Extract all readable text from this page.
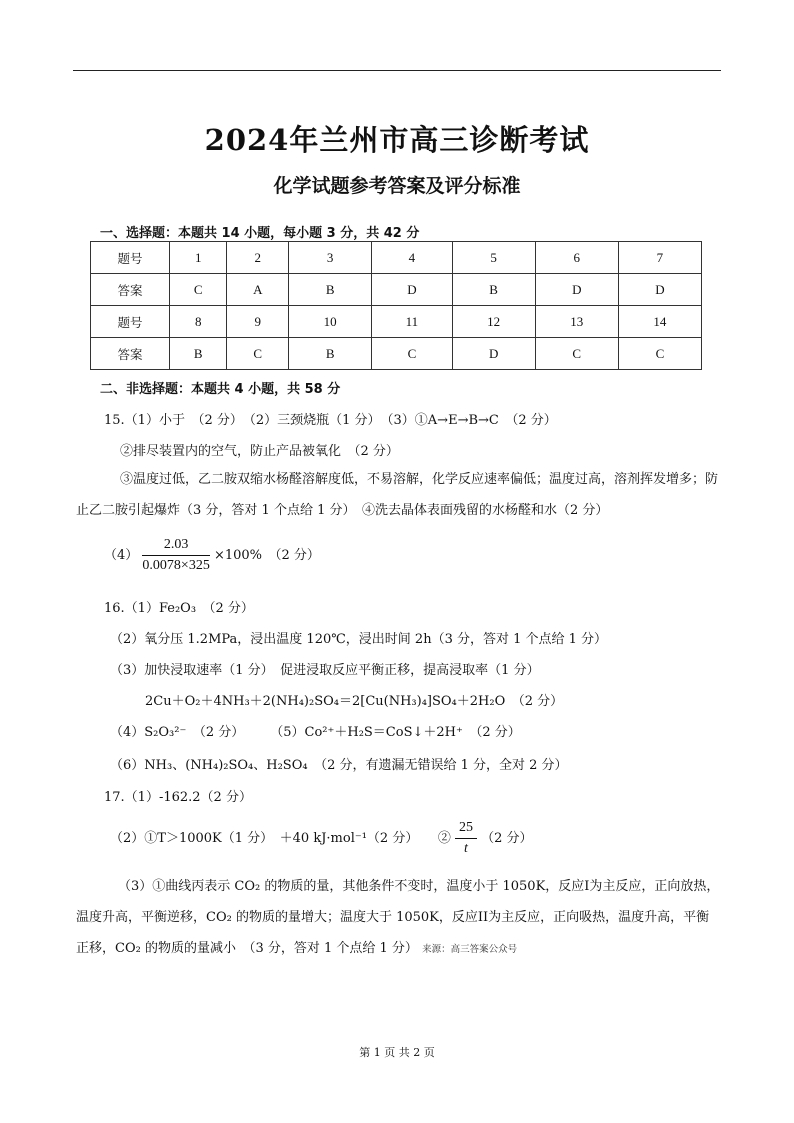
2024年兰州市高三诊断考试
化学试题参考答案及评分标准
一、选择题：本题共 14 小题，每小题 3 分，共 42 分
题号	1	2	3	4	5	6	7
答案	C	A	B	D	B	D	D
题号	8	9	10	11	12	13	14
答案	B	C	B	C	D	C	C
二、非选择题：本题共 4 小题，共 58 分
15.（1）小于　（2 分）　（2）三颈烧瓶（1 分）　（3）①A→E→B→C　（2 分）
②排尽装置内的空气，防止产品被氧化　（2 分）
③温度过低，乙二胺双缩水杨醛溶解度低，不易溶解，化学反应速率偏低；温度过高，溶剂挥发增多；防止乙二胺引起爆炸（3 分，答对 1 个点给 1 分）　④洗去晶体表面残留的水杨醛和水（2 分）
$(4) \frac{2.03}{0.0078\times 325} \times 100\%$　（2 分）
16.（1）Fe₂O₃　（2 分）
（2）氧分压 1.2MPa，浸出温度 120℃，浸出时间 2h（3 分，答对 1 个点给 1 分）
（3）加快浸取速率（1 分）　促进浸取反应平衡正移，提高浸取率（1 分）
2Cu＋O₂＋4NH₃＋2(NH₄)₂SO₄＝2[Cu(NH₃)₄]SO₄＋2H₂O　（2 分）
（4）S₂O₃²⁻　（2 分）　　　（5）Co²⁺＋H₂S＝CoS↓＋2H⁺　（2 分）
（6）NH₃、(NH₄)₂SO₄、H₂SO₄　（2 分，有遗漏无错误给 1 分，全对 2 分）
17.（1）-162.2（2 分）
（2）①T＞1000K（1 分）　＋40 kJ·mol⁻¹（2 分）　　② $\frac{25}{t} (2$ 分）
（3）①曲线丙表示 CO₂ 的物质的量，其他条件不变时，温度小于 1050K，反应I为主反应，正向放热，温度升高，平衡逆移，CO₂ 的物质的量增大；温度大于 1050K，反应II为主反应，正向吸热，温度升高，平衡正移，CO₂ 的物质的量减小　（3 分，答对 1 个点给 1 分） 来源：高三答案公众号
第 1 页 共 2 页
